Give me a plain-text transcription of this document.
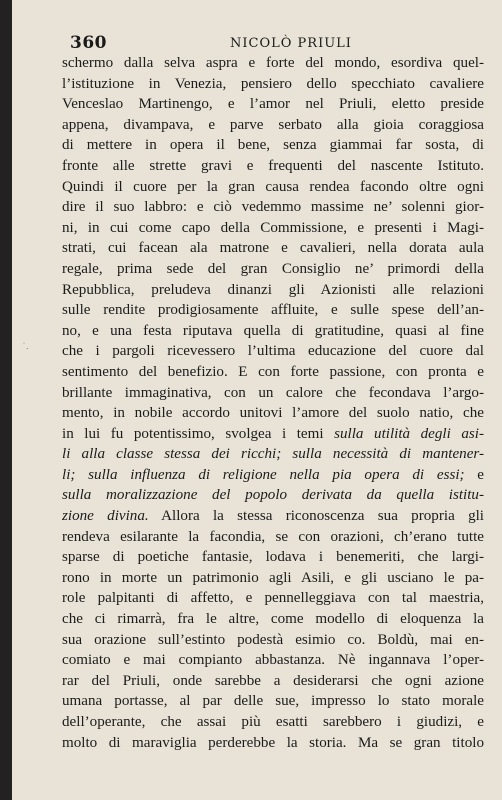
360	NICOLÒ PRIULI
schermo dalla selva aspra e forte del mondo, esordiva quel-
l’istituzione in Venezia, pensiero dello specchiato cavaliere
Venceslao Martinengo, e l’amor nel Priuli, eletto preside
appena, divampava, e parve serbato alla gioia coraggiosa
di mettere in opera il bene, senza giammai far sosta, di
fronte alle strette gravi e frequenti del nascente Istituto.
Quindi il cuore per la gran causa rendea facondo oltre ogni
dire il suo labbro: e ciò vedemmo massime ne’ solenni gior-
ni, in cui come capo della Commissione, e presenti i Magi-
strati, cui facean ala matrone e cavalieri, nella dorata aula
regale, prima sede del gran Consiglio ne’ primordi della
Repubblica, preludeva dinanzi gli Azionisti alle relazioni
sulle rendite prodigiosamente affluite, e sulle spese dell’an-
no, e una festa riputava quella di gratitudine, quasi al fine
che i pargoli ricevessero l’ultima educazione del cuore dal
sentimento del benefizio. E con forte passione, con pronta e
brillante immaginativa, con un calore che fecondava l’argo-
mento, in nobile accordo unitovi l’amore del suolo natio, che
in lui fu potentissimo, svolgea i temi sulla utilità degli asi-
li alla classe stessa dei ricchi; sulla necessità di mantener-
li; sulla influenza di religione nella pia opera di essi; e
sulla moralizzazione del popolo derivata da quella istitu-
zione divina. Allora la stessa riconoscenza sua propria gli
rendeva esilarante la facondia, se con orazioni, ch’erano tutte
sparse di poetiche fantasie, lodava i benemeriti, che largi-
rono in morte un patrimonio agli Asili, e gli usciano le pa-
role palpitanti di affetto, e pennelleggiava con tal maestria,
che ci rimarrà, fra le altre, come modello di eloquenza la
sua orazione sull’estinto podestà esimio co. Boldù, mai en-
comiato e mai compianto abbastanza. Nè ingannava l’oper-
rar del Priuli, onde sarebbe a desiderarsi che ogni azione
umana portasse, al par delle sue, impresso lo stato morale
dell’operante, che assai più esatti sarebbero i giudizi, e
molto di maraviglia perderebbe la storia. Ma se gran titolo
˙.
